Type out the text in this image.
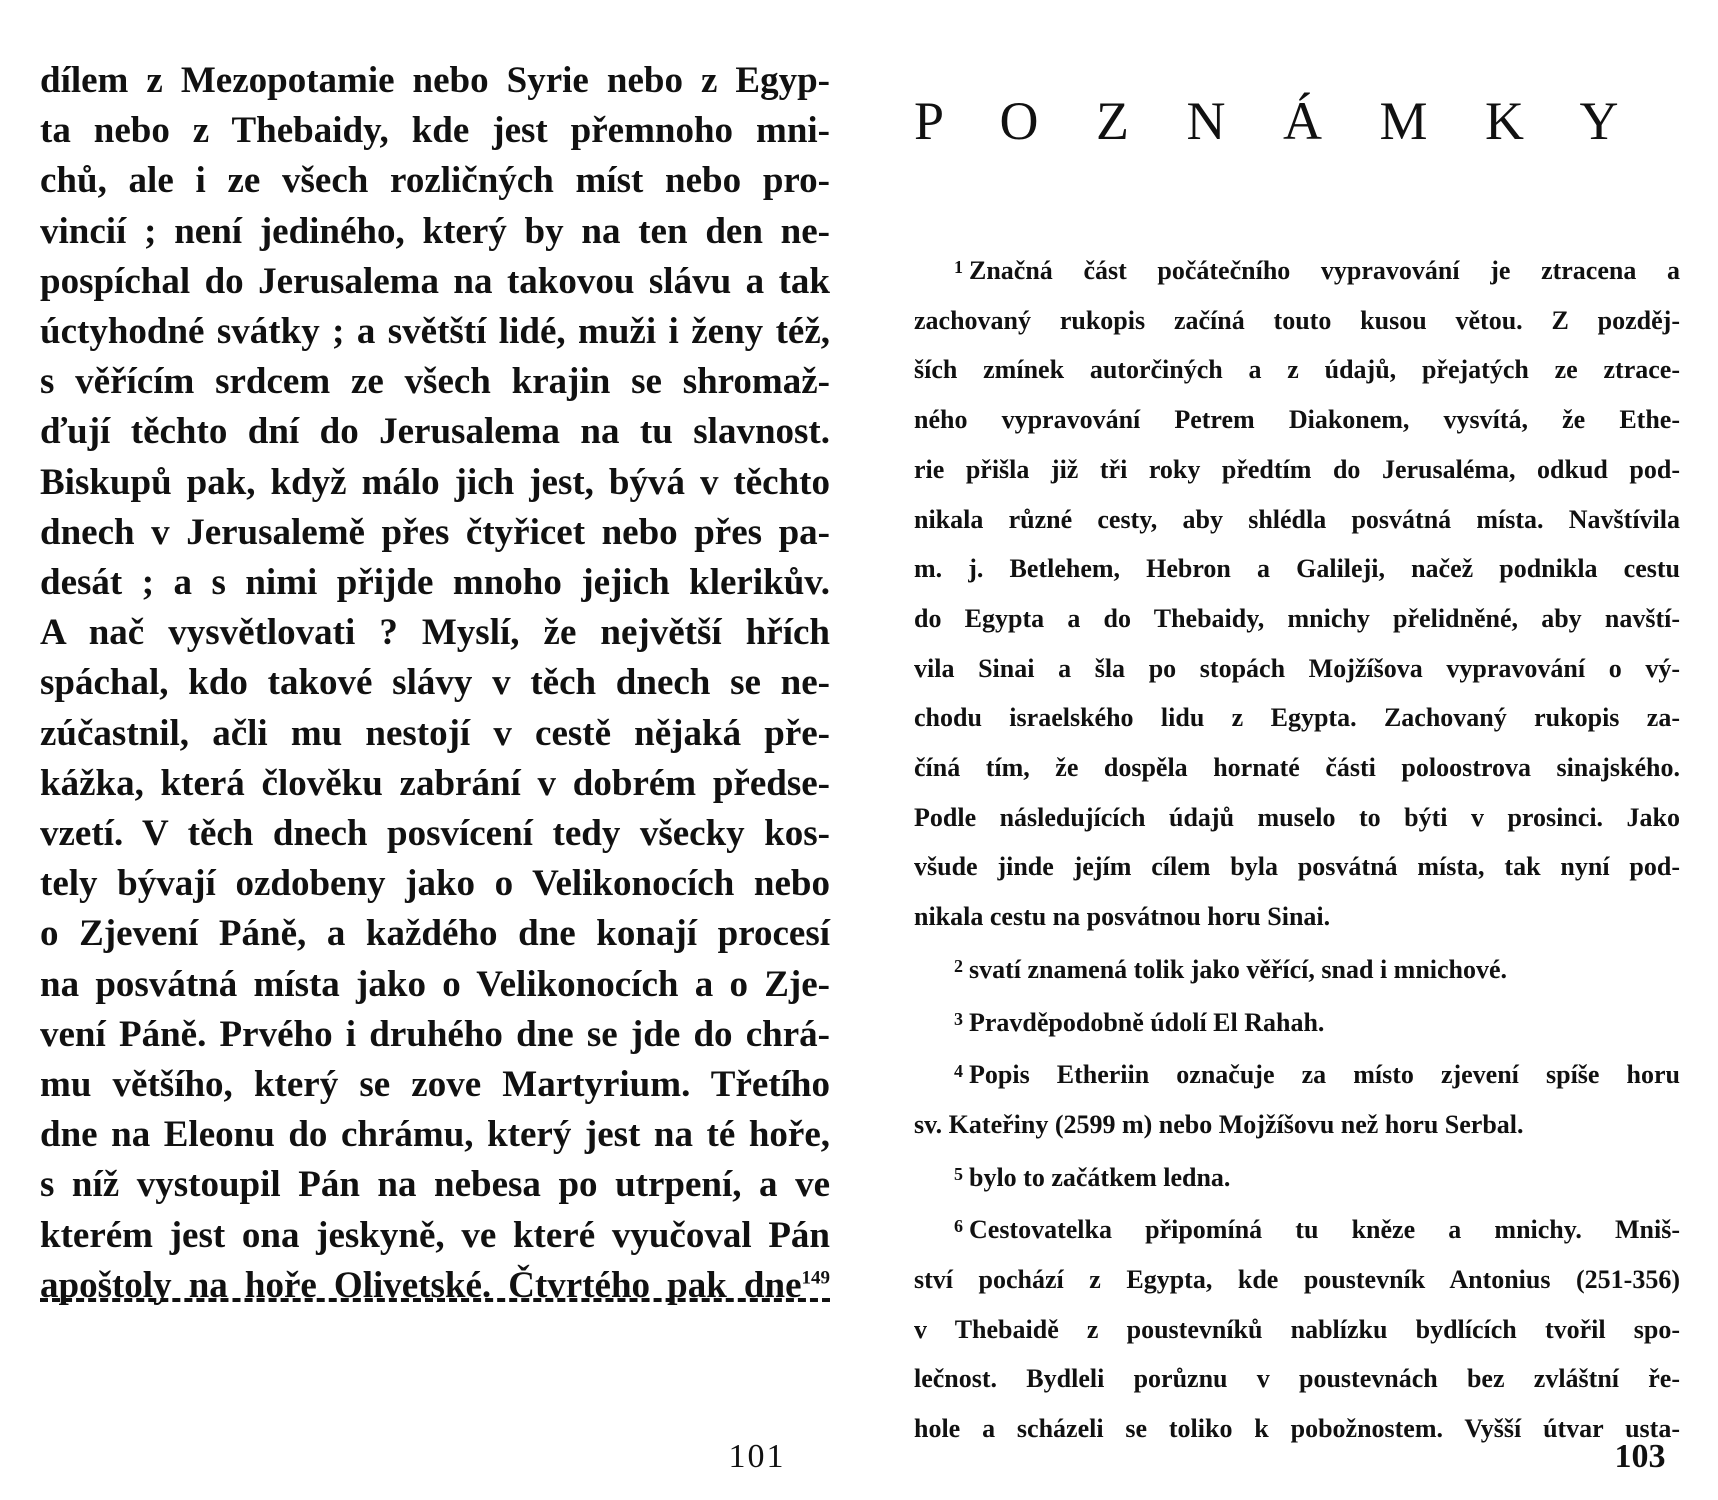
dílem z Mezopotamie nebo Syrie nebo z Egyp-
ta nebo z Thebaidy, kde jest přemnoho mni-
chů, ale i ze všech rozličných míst nebo pro-
vincií ; není jediného, který by na ten den ne-
pospíchal do Jerusalema na takovou slávu a tak
úctyhodné svátky ; a světští lidé, muži i ženy též,
s věřícím srdcem ze všech krajin se shromaž-
ďují těchto dní do Jerusalema na tu slavnost.
Biskupů pak, když málo jich jest, bývá v těchto
dnech v Jerusalemě přes čtyřicet nebo přes pa-
desát ; a s nimi přijde mnoho jejich klerikův.
A nač vysvětlovati ? Myslí, že největší hřích
spáchal, kdo takové slávy v těch dnech se ne-
zúčastnil, ačli mu nestojí v cestě nějaká pře-
kážka, která člověku zabrání v dobrém předse-
vzetí. V těch dnech posvícení tedy všecky kos-
tely bývají ozdobeny jako o Velikonocích nebo
o Zjevení Páně, a každého dne konají procesí
na posvátná místa jako o Velikonocích a o Zje-
vení Páně. Prvého i druhého dne se jde do chrá-
mu většího, který se zove Martyrium. Třetího
dne na Eleonu do chrámu, který jest na té hoře,
s níž vystoupil Pán na nebesa po utrpení, a ve
kterém jest ona jeskyně, ve které vyučoval Pán
apoštoly na hoře Olivetské. Čtvrtého pak dne$^{149}$
101
P O Z N Á M K Y
$^1$ Značná část počátečního vypravování je ztracena a
zachovaný rukopis začíná touto kusou větou. Z pozděj-
ších zmínek autorčiných a z údajů, přejatých ze ztrace-
ného vypravování Petrem Diakonem, vysvítá, že Ethe-
rie přišla již tři roky předtím do Jerusaléma, odkud pod-
nikala různé cesty, aby shlédla posvátná místa. Navštívila
m. j. Betlehem, Hebron a Galileji, načež podnikla cestu
do Egypta a do Thebaidy, mnichy přelidněné, aby navští-
vila Sinai a šla po stopách Mojžíšova vypravování o vý-
chodu israelského lidu z Egypta. Zachovaný rukopis za-
číná tím, že dospěla hornaté části poloostrova sinajského.
Podle následujících údajů muselo to býti v prosinci. Jako
všude jinde jejím cílem byla posvátná místa, tak nyní pod-
nikala cestu na posvátnou horu Sinai.
$^2$ svatí znamená tolik jako věřící, snad i mnichové.
$^3$ Pravděpodobně údolí El Rahah.
$^4$ Popis Etheriin označuje za místo zjevení spíše horu
sv. Kateřiny (2599 m) nebo Mojžíšovu než horu Serbal.
$^5$ bylo to začátkem ledna.
$^6$ Cestovatelka připomíná tu kněze a mnichy. Mniš-
ství pochází z Egypta, kde poustevník Antonius (251-356)
v Thebaidě z poustevníků nablízku bydlících tvořil spo-
lečnost. Bydleli porůznu v poustevnách bez zvláštní ře-
hole a scházeli se toliko k pobožnostem. Vyšší útvar usta-
103
